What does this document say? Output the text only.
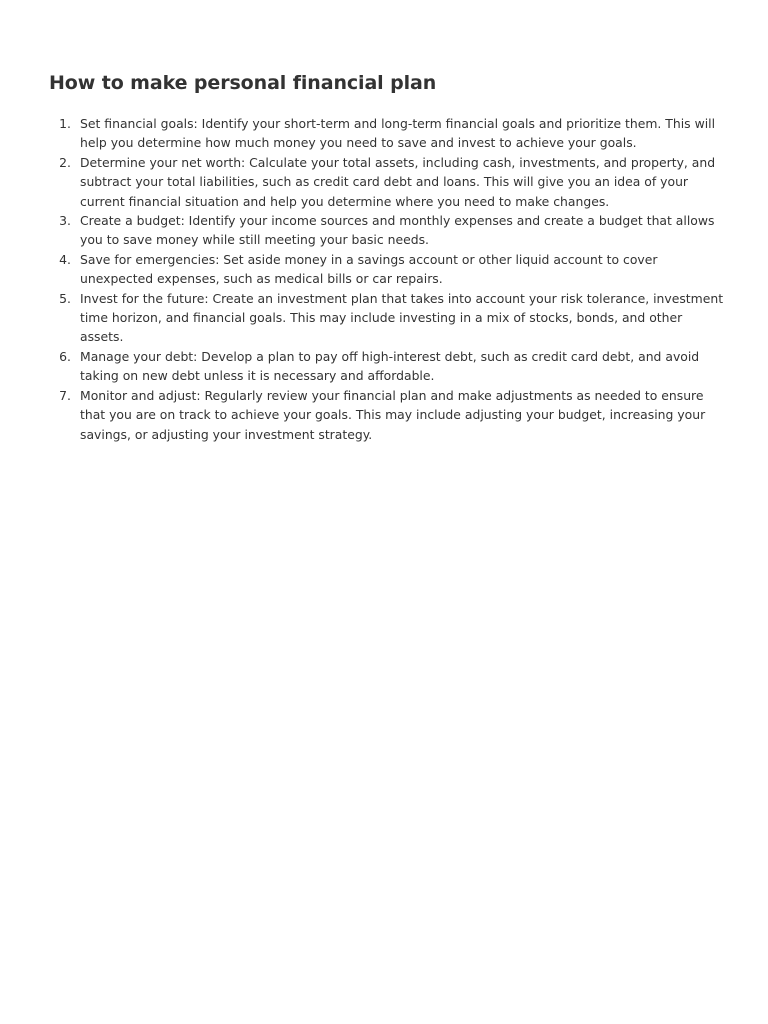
How to make personal financial plan
Set financial goals: Identify your short-term and long-term financial goals and prioritize them. This will help you determine how much money you need to save and invest to achieve your goals.
Determine your net worth: Calculate your total assets, including cash, investments, and property, and subtract your total liabilities, such as credit card debt and loans. This will give you an idea of your current financial situation and help you determine where you need to make changes.
Create a budget: Identify your income sources and monthly expenses and create a budget that allows you to save money while still meeting your basic needs.
Save for emergencies: Set aside money in a savings account or other liquid account to cover unexpected expenses, such as medical bills or car repairs.
Invest for the future: Create an investment plan that takes into account your risk tolerance, investment time horizon, and financial goals. This may include investing in a mix of stocks, bonds, and other assets.
Manage your debt: Develop a plan to pay off high-interest debt, such as credit card debt, and avoid taking on new debt unless it is necessary and affordable.
Monitor and adjust: Regularly review your financial plan and make adjustments as needed to ensure that you are on track to achieve your goals. This may include adjusting your budget, increasing your savings, or adjusting your investment strategy.
